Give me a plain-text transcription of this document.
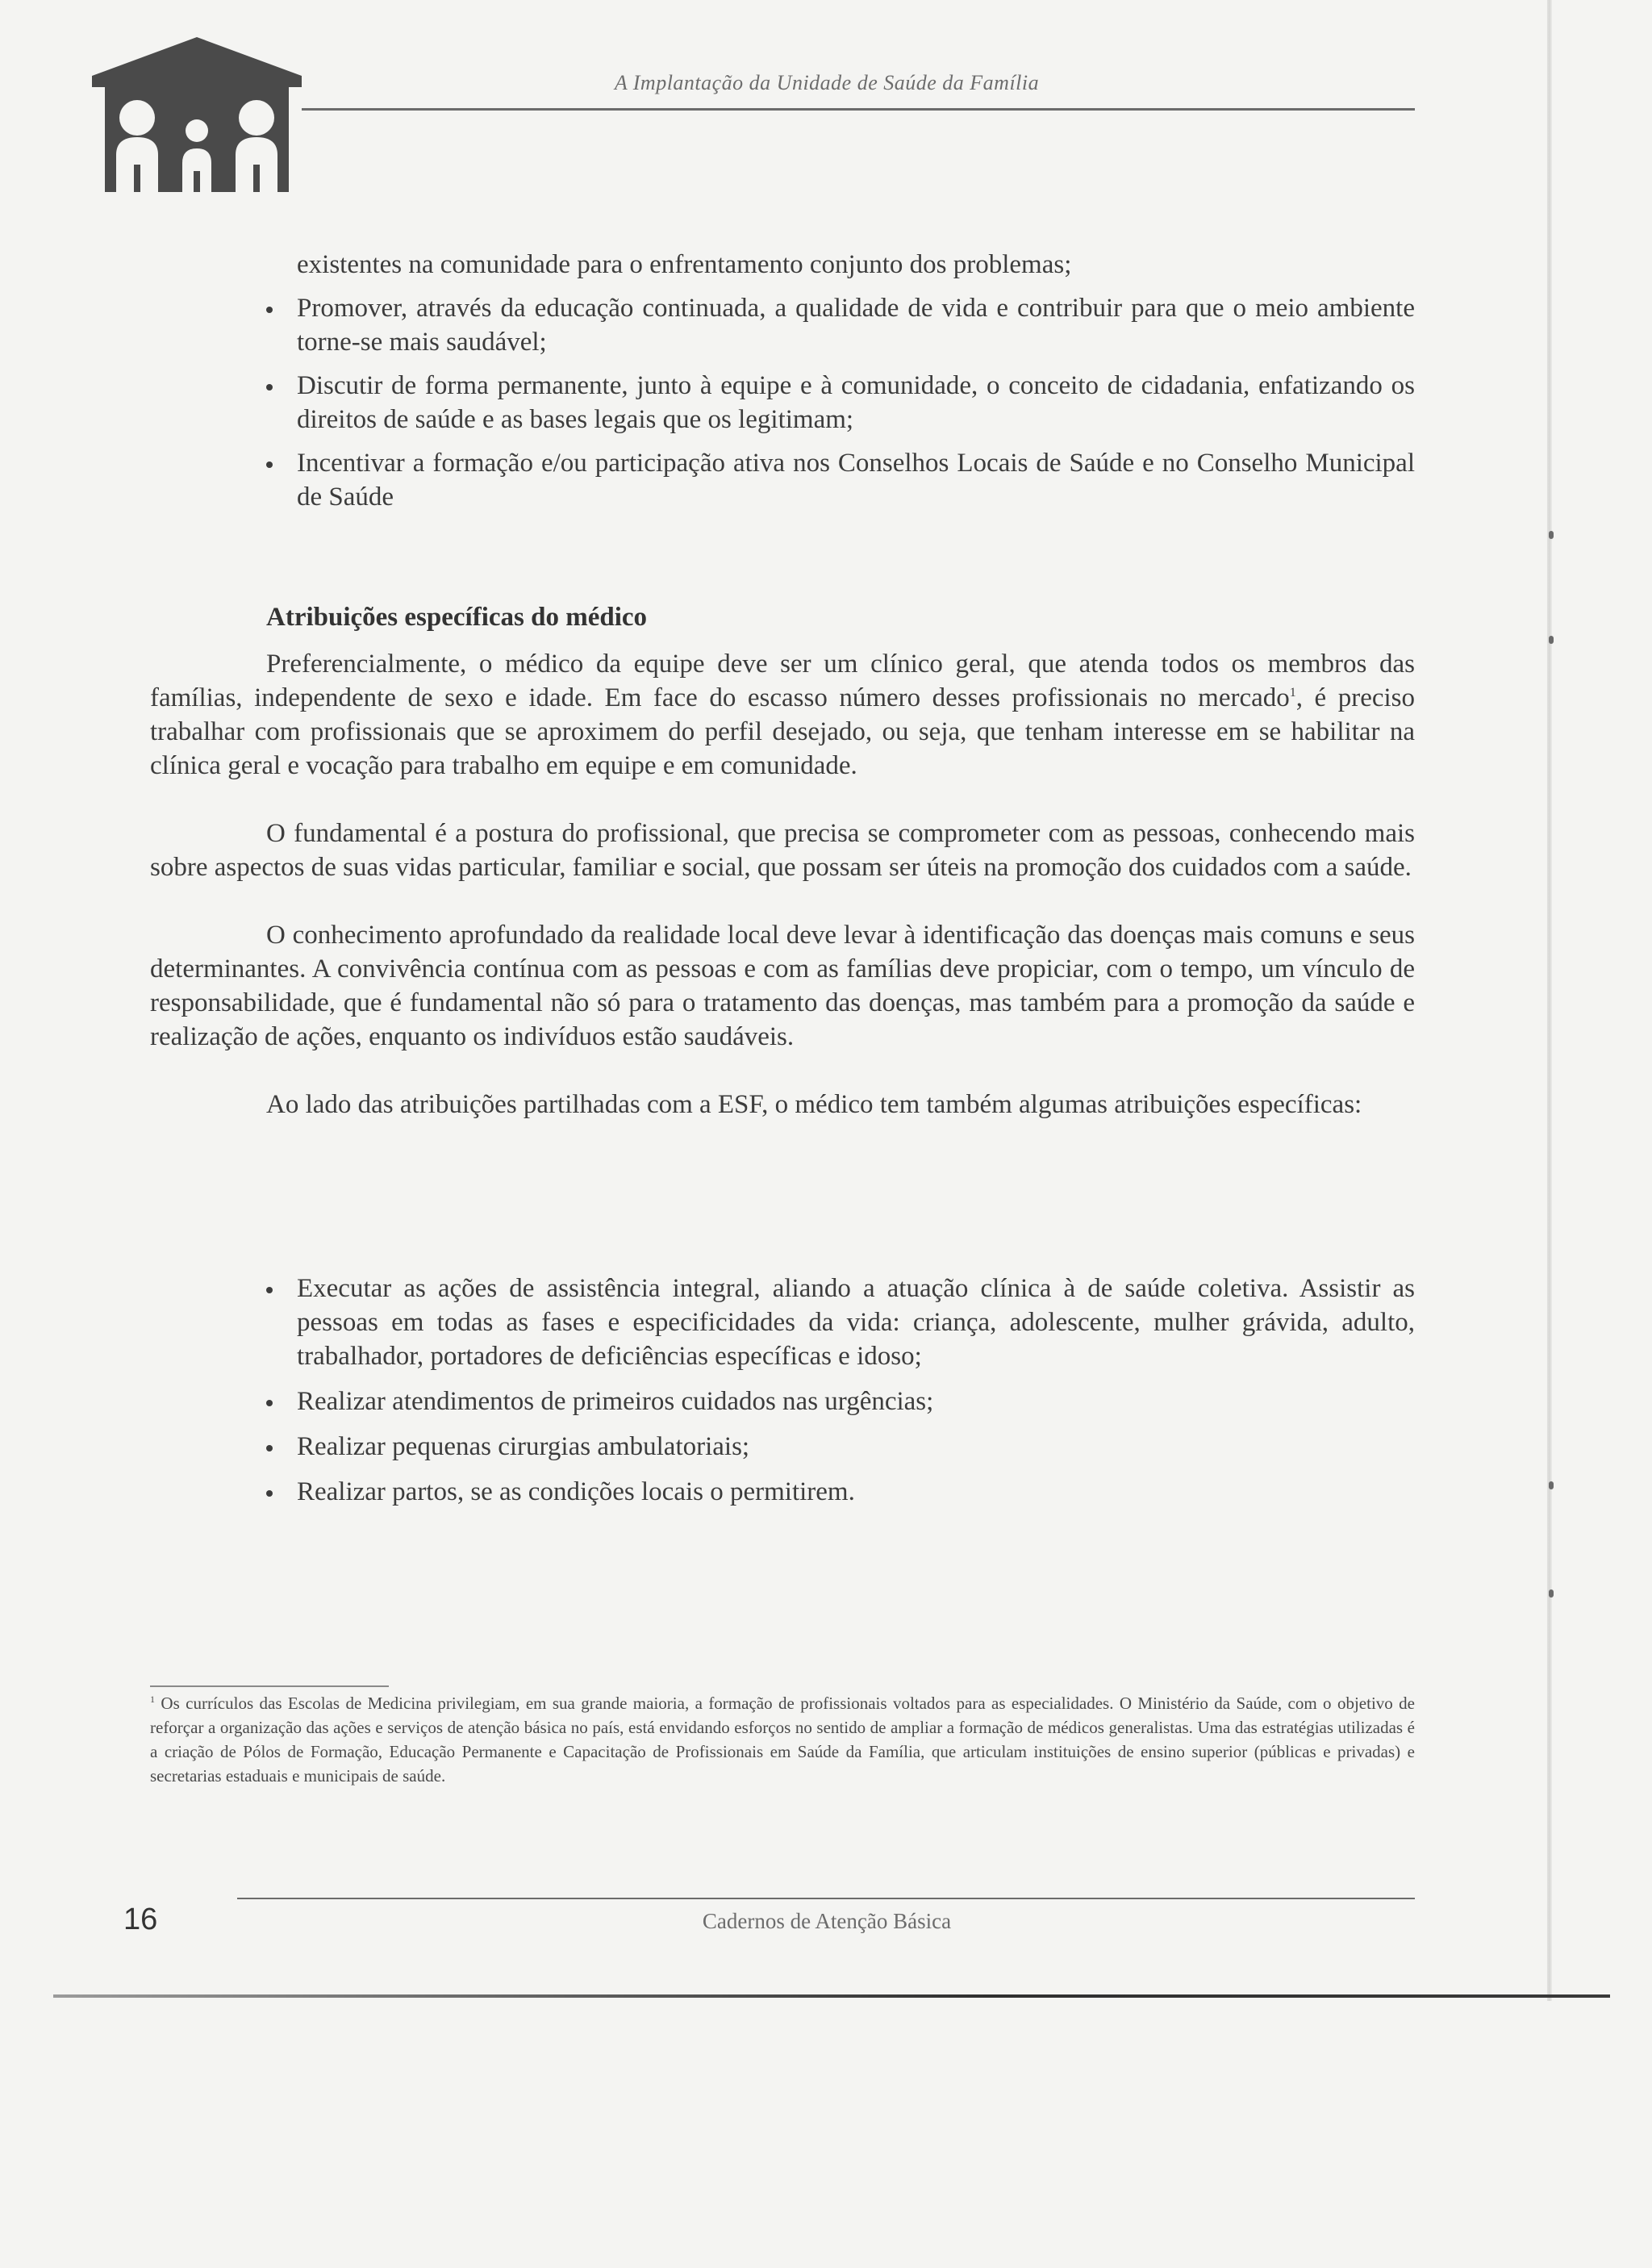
A Implantação da Unidade de Saúde da Família

existentes na comunidade para o enfrentamento conjunto dos problemas;

Promover, através da educação continuada, a qualidade de vida e contribuir para que o meio ambiente torne-se mais saudável;
Discutir de forma permanente, junto à equipe e à comunidade, o conceito de cidadania, enfatizando os direitos de saúde e as bases legais que os legitimam;
Incentivar a formação e/ou participação ativa nos Conselhos Locais de Saúde e no Conselho Municipal de Saúde
Atribuições específicas do médico

Preferencialmente, o médico da equipe deve ser um clínico geral, que atenda todos os membros das famílias, independente de sexo e idade. Em face do escasso número desses profissionais no mercado$^1$, é preciso trabalhar com profissionais que se aproximem do perfil desejado, ou seja, que tenham interesse em se habilitar na clínica geral e vocação para trabalho em equipe e em comunidade.

O fundamental é a postura do profissional, que precisa se comprometer com as pessoas, conhecendo mais sobre aspectos de suas vidas particular, familiar e social, que possam ser úteis na promoção dos cuidados com a saúde.

O conhecimento aprofundado da realidade local deve levar à identificação das doenças mais comuns e seus determinantes. A convivência contínua com as pessoas e com as famílias deve propiciar, com o tempo, um vínculo de responsabilidade, que é fundamental não só para o tratamento das doenças, mas também para a promoção da saúde e realização de ações, enquanto os indivíduos estão saudáveis.

Ao lado das atribuições partilhadas com a ESF, o médico tem também algumas atribuições específicas:

Executar as ações de assistência integral, aliando a atuação clínica à de saúde coletiva. Assistir as pessoas em todas as fases e especificidades da vida: criança, adolescente, mulher grávida, adulto, trabalhador, portadores de deficiências específicas e idoso;
Realizar atendimentos de primeiros cuidados nas urgências;
Realizar pequenas cirurgias ambulatoriais;
Realizar partos, se as condições locais o permitirem.
$^1$ Os currículos das Escolas de Medicina privilegiam, em sua grande maioria, a formação de profissionais voltados para as especialidades. O Ministério da Saúde, com o objetivo de reforçar a organização das ações e serviços de atenção básica no país, está envidando esforços no sentido de ampliar a formação de médicos generalistas. Uma das estratégias utilizadas é a criação de Pólos de Formação, Educação Permanente e Capacitação de Profissionais em Saúde da Família, que articulam instituições de ensino superior (públicas e privadas) e secretarias estaduais e municipais de saúde.
16	Cadernos de Atenção Básica
